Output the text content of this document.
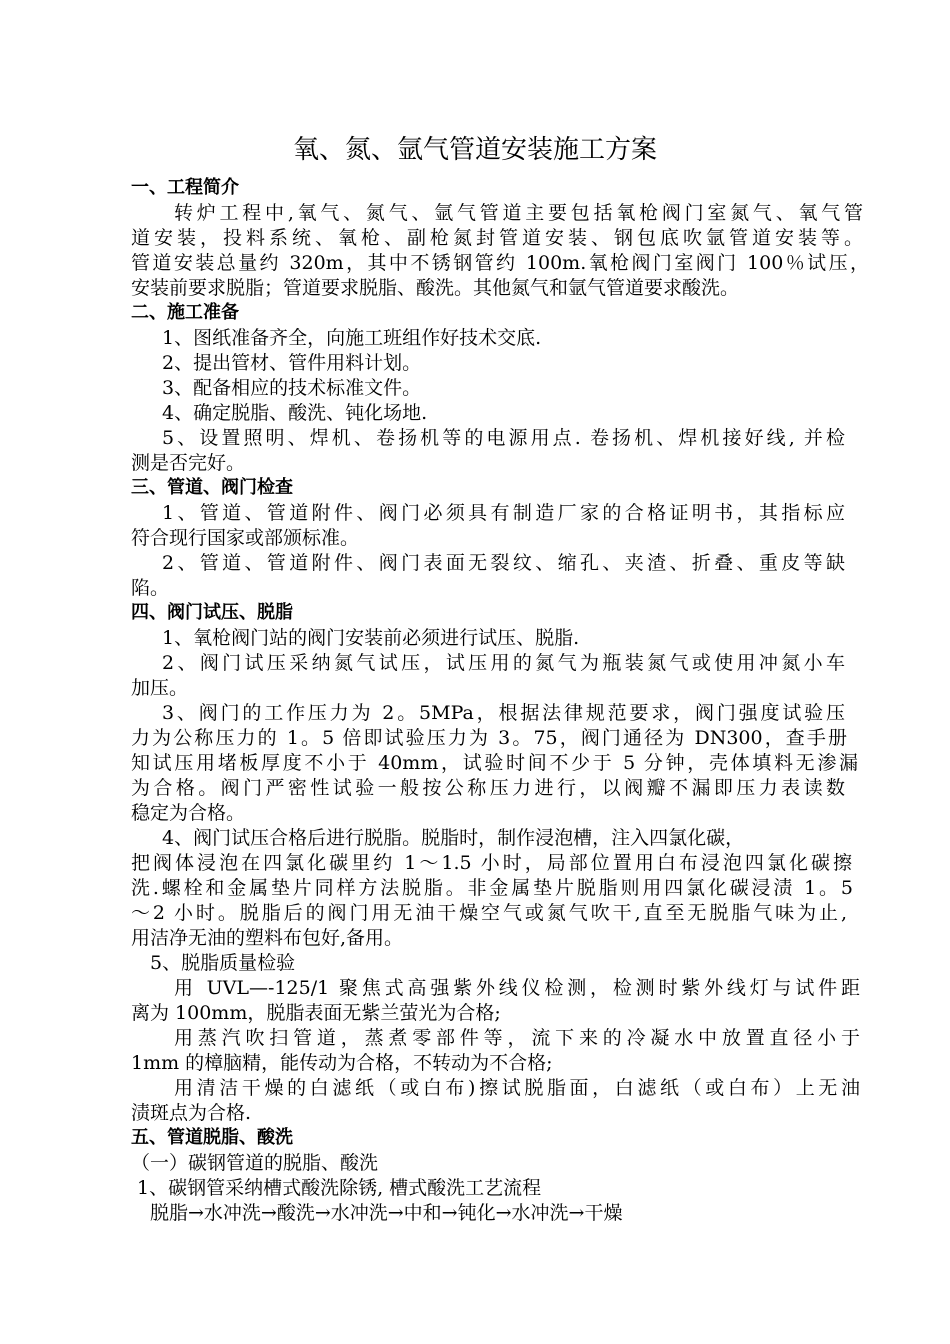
氧、氮、氩气管道安装施工方案
一、工程简介
转炉工程中,氧气、氮气、氩气管道主要包括氧枪阀门室氮气、氧气管
道安装，投料系统、氧枪、副枪氮封管道安装、钢包底吹氩管道安装等。
管道安装总量约 320m，其中不锈钢管约 100m.氧枪阀门室阀门 100％试压，
安装前要求脱脂；管道要求脱脂、酸洗。其他氮气和氩气管道要求酸洗。
二、施工准备
1、图纸准备齐全，向施工班组作好技术交底.
2、提出管材、管件用料计划。
3、配备相应的技术标准文件。
4、确定脱脂、酸洗、钝化场地.
5、设置照明、焊机、卷扬机等的电源用点. 卷扬机、焊机接好线, 并检
测是否完好。
三、管道、阀门检查
1、管道、管道附件、阀门必须具有制造厂家的合格证明书，其指标应
符合现行国家或部颁标准。
2、管道、管道附件、阀门表面无裂纹、缩孔、夹渣、折叠、重皮等缺
陷。
四、阀门试压、脱脂
1、氧枪阀门站的阀门安装前必须进行试压、脱脂.
2、阀门试压采纳氮气试压，试压用的氮气为瓶装氮气或使用冲氮小车
加压。
3、阀门的工作压力为 2。5MPa，根据法律规范要求，阀门强度试验压
力为公称压力的 1。5 倍即试验压力为 3。75，阀门通径为 DN300，查手册
知试压用堵板厚度不小于 40mm，试验时间不少于 5 分钟，壳体填料无渗漏
为合格。阀门严密性试验一般按公称压力进行，以阀瓣不漏即压力表读数
稳定为合格。
4、阀门试压合格后进行脱脂。脱脂时，制作浸泡槽，注入四氯化碳，
把阀体浸泡在四氯化碳里约 1～1.5 小时，局部位置用白布浸泡四氯化碳擦
洗.螺栓和金属垫片同样方法脱脂。非金属垫片脱脂则用四氯化碳浸渍 1。5
～2 小时。脱脂后的阀门用无油干燥空气或氮气吹干,直至无脱脂气味为止,
用洁净无油的塑料布包好,备用。
5、脱脂质量检验
用 UVL—-125/1 聚焦式高强紫外线仪检测，检测时紫外线灯与试件距
离为 100mm，脱脂表面无紫兰萤光为合格;
用蒸汽吹扫管道，蒸煮零部件等，流下来的冷凝水中放置直径小于
1mm 的樟脑精，能传动为合格，不转动为不合格;
用清洁干燥的白滤纸（或白布)擦试脱脂面，白滤纸（或白布）上无油
渍斑点为合格.
五、管道脱脂、酸洗
（一）碳钢管道的脱脂、酸洗
1、碳钢管采纳槽式酸洗除锈, 槽式酸洗工艺流程
脱脂→水冲洗→酸洗→水冲洗→中和→钝化→水冲洗→干燥
